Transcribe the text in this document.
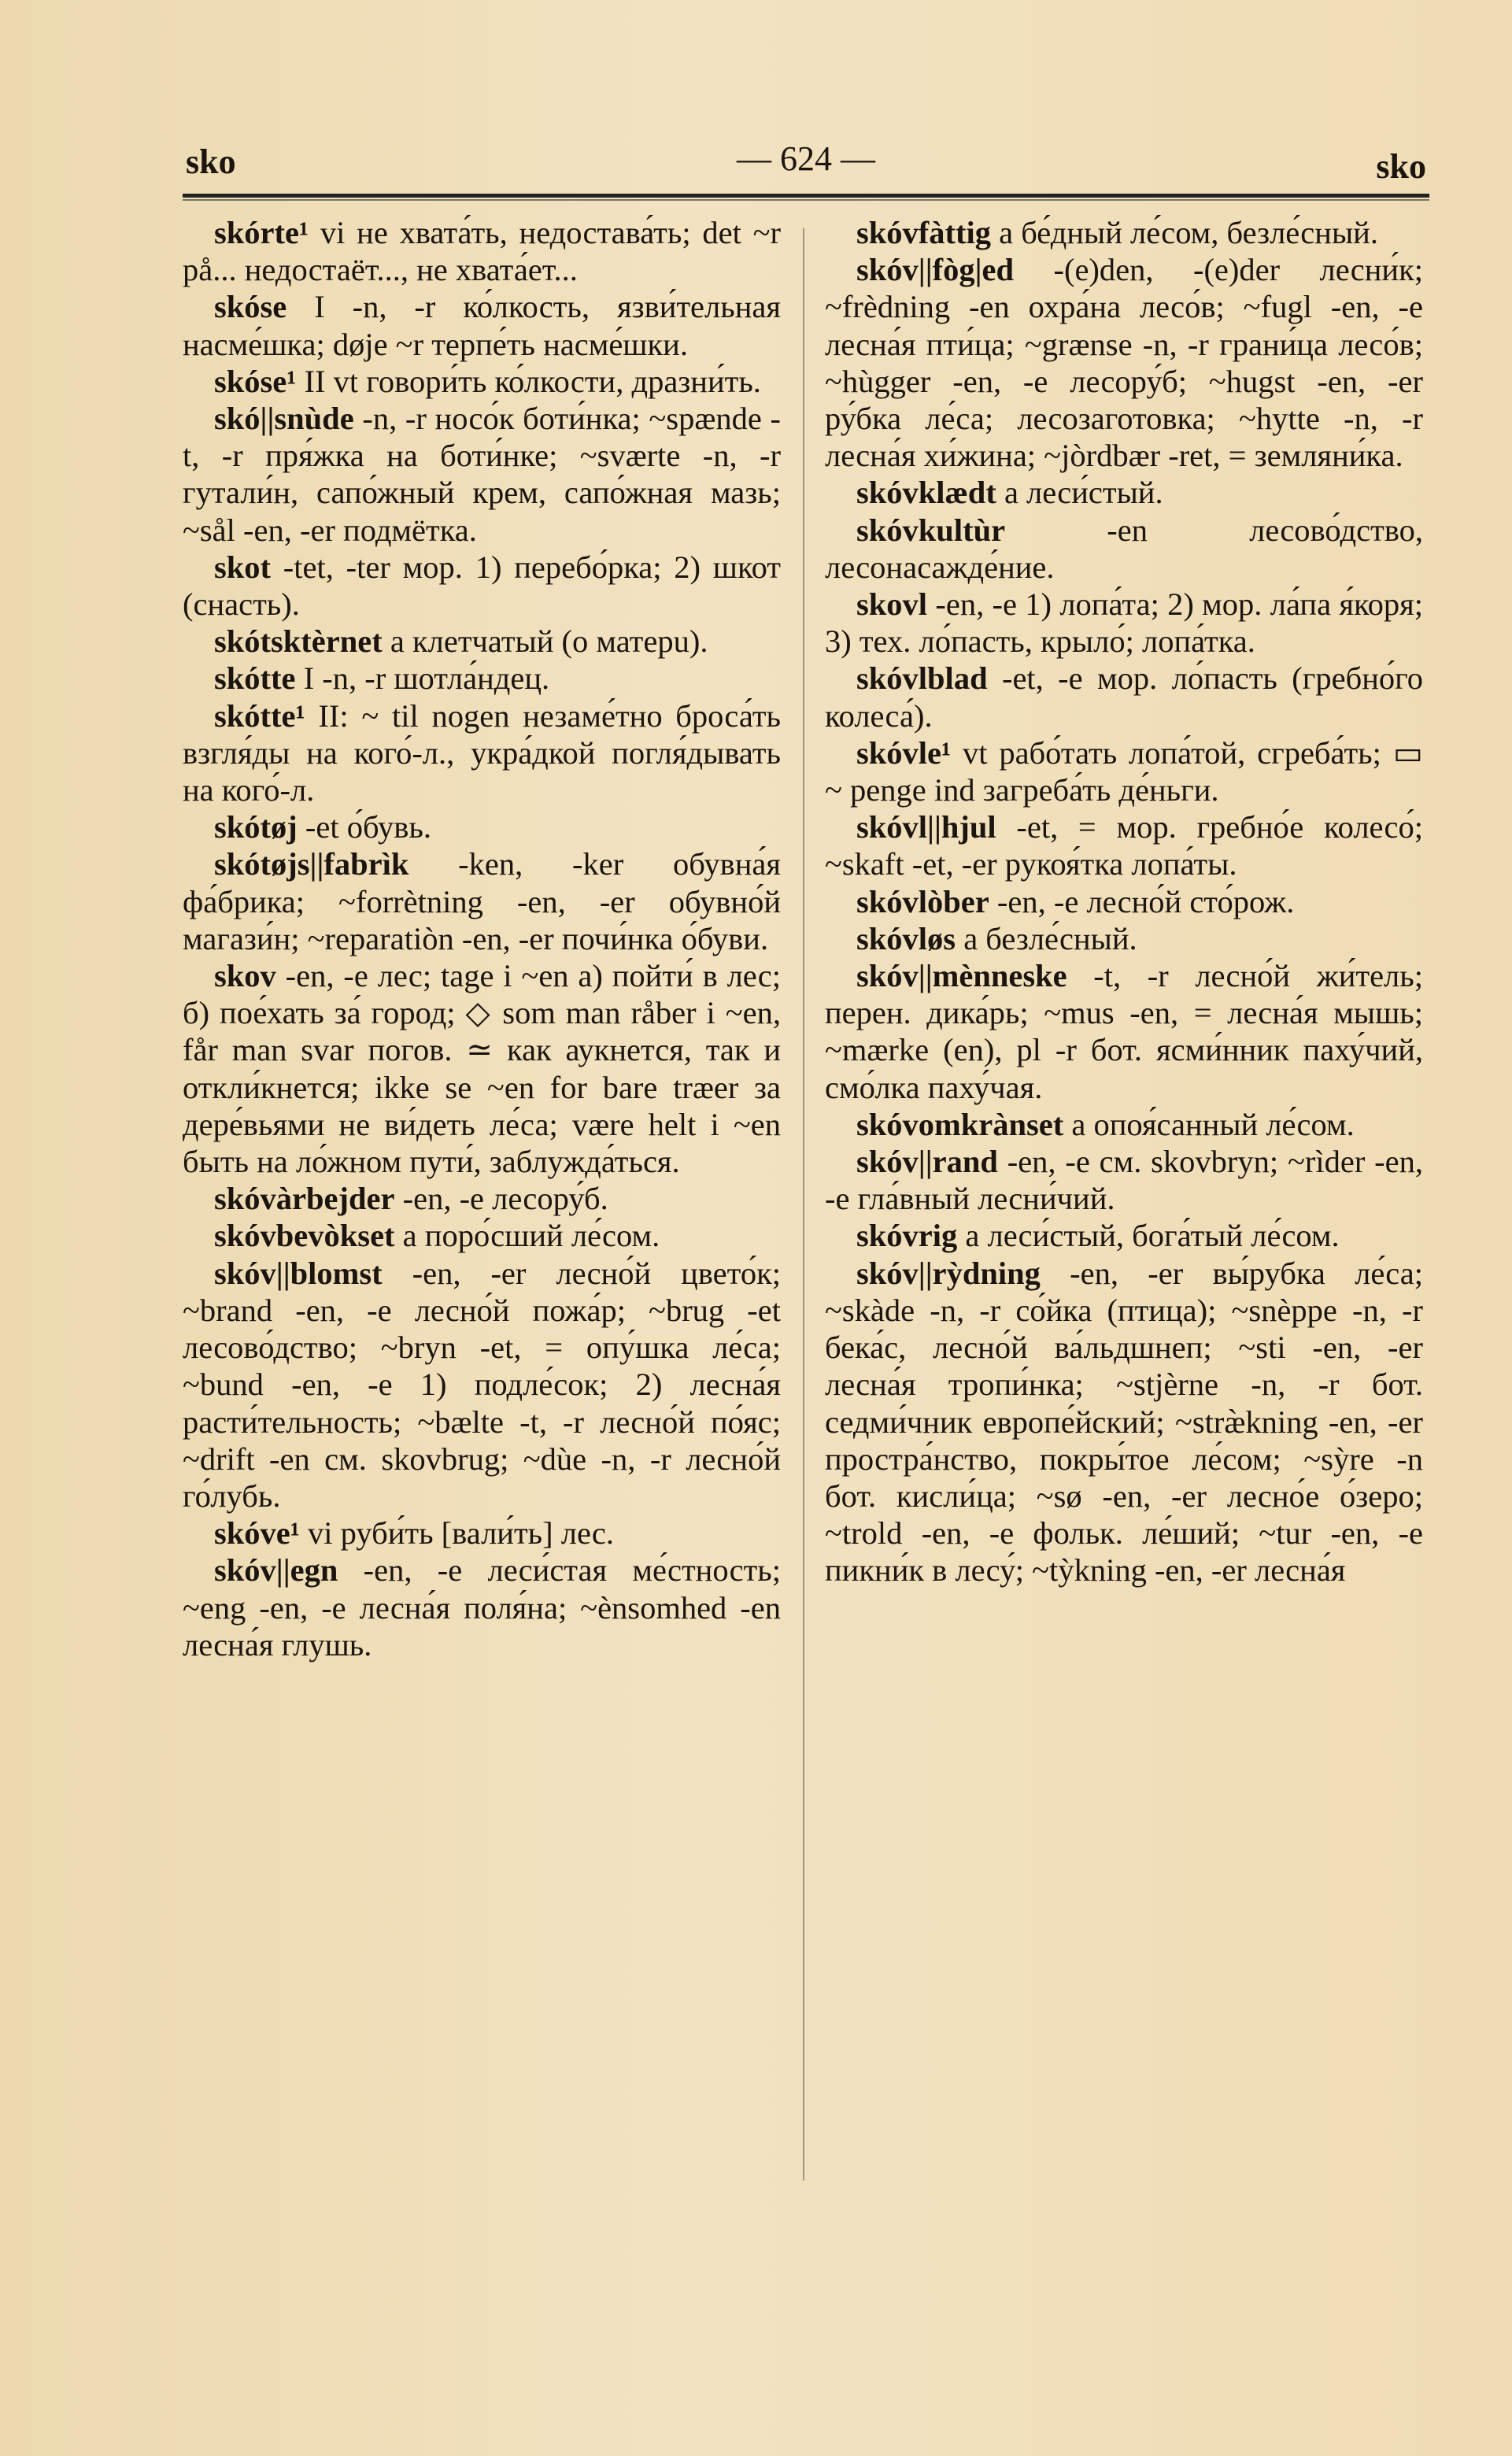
sko	— 624 —	sko

skórte¹ vi не хвата́ть, недостава́ть; det ~r på... недостаёт..., не хвата́ет...

skóse I -n, -r ко́лкость, язви́тельная насме́шка; døje ~r терпе́ть насме́шки.

skóse¹ II vt говори́ть ко́лкости, дразни́ть.

skó||snùde -n, -r носо́к боти́нка; ~spænde -t, -r пря́жка на боти́нке; ~sværte -n, -r гутали́н, сапо́жный крем, сапо́жная мазь; ~sål -en, -er подмётка.

skot -tet, -ter мор. 1) перебо́рка; 2) шкот (снасть).

skótsktèrnet a клетчатый (о матерu).

skótte I -n, -r шотла́ндец.

skótte¹ II: ~ til nogen незаме́тно броса́ть взгля́ды на кого́-л., укра́дкой погля́дывать на кого́-л.

skótøj -et о́бувь.

skótøjs||fabrìk -ken, -ker обувна́я фа́брика; ~forrètning -en, -er обувно́й магази́н; ~reparatiòn -en, -er почи́нка о́буви.

skov -en, -e лес; tage i ~en а) пойти́ в лес; б) пое́хать за́ город; ◇ som man råber i ~en, får man svar погов. ≃ как аукнется, так и откли́кнется; ikke se ~en for bare træer за дере́вьями не ви́деть ле́са; være helt i ~en быть на ло́жном пути́, заблужда́ться.

skóvàrbejder -en, -e лесору́б.

skóvbevòkset a поро́сший ле́сом.

skóv||blomst -en, -er лесно́й цвето́к; ~brand -en, -e лесно́й пожа́р; ~brug -et лесово́дство; ~bryn -et, = опу́шка ле́са; ~bund -en, -e 1) подле́сок; 2) лесна́я расти́тельность; ~bælte -t, -r лесно́й по́яс; ~drift -en см. skovbrug; ~dùe -n, -r лесно́й го́лубь.

skóve¹ vi руби́ть [вали́ть] лес.

skóv||egn -en, -e леси́стая ме́стность; ~eng -en, -e лесна́я поля́на; ~ènsomhed -en лесна́я глушь.

skóvfàttig a бе́дный ле́сом, безле́сный.

skóv||fòg|ed -(e)den, -(e)der лесни́к; ~frèdning -en охра́на лесо́в; ~fugl -en, -e лесна́я пти́ца; ~grænse -n, -r грани́ца лесо́в; ~hùgger -en, -e лесору́б; ~hugst -en, -er ру́бка ле́са; лесозаготовка; ~hytte -n, -r лесна́я хи́жина; ~jòrdbær -ret, = земляни́ка.

skóvklædt a леси́стый.

skóvkultùr -en лесово́дство, лесонасажде́ние.

skovl -en, -e 1) лопа́та; 2) мор. ла́па я́коря; 3) тех. ло́пасть, крыло́; лопа́тка.

skóvlblad -et, -e мор. ло́пасть (гребно́го колеса́).

skóvle¹ vt рабо́тать лопа́той, сгреба́ть; ▭ ~ penge ind загреба́ть де́ньги.

skóvl||hjul -et, = мор. гребно́е колесо́; ~skaft -et, -er рукоя́тка лопа́ты.

skóvlòber -en, -e лесно́й сто́рож.

skóvløs a безле́сный.

skóv||mènneske -t, -r лесно́й жи́тель; перен. дика́рь; ~mus -en, = лесна́я мышь; ~mærke (en), pl -r бот. ясми́нник паху́чий, смо́лка паху́чая.

skóvomkrànset a опоя́санный ле́сом.

skóv||rand -en, -e см. skovbryn; ~rìder -en, -e гла́вный лесни́чий.

skóvrig a леси́стый, бога́тый ле́сом.

skóv||rỳdning -en, -er вы́рубка ле́са; ~skàde -n, -r со́йка (птица); ~snèppe -n, -r бека́с, лесно́й ва́льдшнеп; ~sti -en, -er лесна́я тропи́нка; ~stjèrne -n, -r бот. седми́чник европе́йский; ~stræ̀kning -en, -er простра́нство, покры́тое ле́сом; ~sỳre -n бот. кисли́ца; ~sø -en, -er лесно́е о́зеро; ~trold -en, -e фольк. ле́ший; ~tur -en, -e пикни́к в лесу́; ~tỳkning -en, -er лесна́я
